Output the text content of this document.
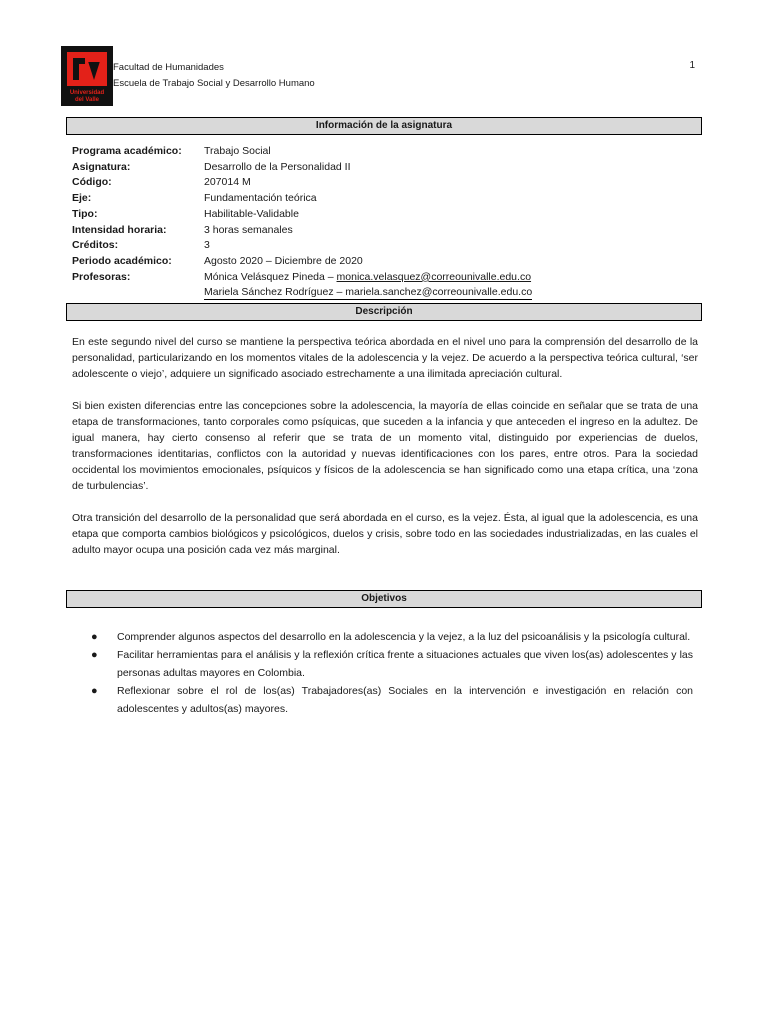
Universidad del Valle
Facultad de Humanidades
Escuela de Trabajo Social y Desarrollo Humano
1
Información de la asignatura
Programa académico:	Trabajo Social
Asignatura:	Desarrollo de la Personalidad II
Código:	207014 M
Eje:	Fundamentación teórica
Tipo:	Habilitable-Validable
Intensidad horaria:	3 horas semanales
Créditos:	3
Periodo académico:	Agosto 2020 – Diciembre de 2020
Profesoras:	Mónica Velásquez Pineda – monica.velasquez@correounivalle.edu.co
Mariela Sánchez Rodríguez – mariela.sanchez@correounivalle.edu.co
Descripción

En este segundo nivel del curso se mantiene la perspectiva teórica abordada en el nivel uno para la comprensión del desarrollo de la personalidad, particularizando en los momentos vitales de la adolescencia y la vejez. De acuerdo a la perspectiva teórica cultural, ‘ser adolescente o viejo’, adquiere un significado asociado estrechamente a una ilimitada apreciación cultural.

Si bien existen diferencias entre las concepciones sobre la adolescencia, la mayoría de ellas coincide en señalar que se trata de una etapa de transformaciones, tanto corporales como psíquicas, que suceden a la infancia y que anteceden el ingreso en la adultez. De igual manera, hay cierto consenso al referir que se trata de un momento vital, distinguido por experiencias de duelos, transformaciones identitarias, conflictos con la autoridad y nuevas identificaciones con los pares, entre otros. Para la sociedad occidental los movimientos emocionales, psíquicos y físicos de la adolescencia se han significado como una etapa crítica, una ‘zona de turbulencias’.

Otra transición del desarrollo de la personalidad que será abordada en el curso, es la vejez. Ésta, al igual que la adolescencia, es una etapa que comporta cambios biológicos y psicológicos, duelos y crisis, sobre todo en las sociedades industrializadas, en las cuales el adulto mayor ocupa una posición cada vez más marginal.

Objetivos
● Comprender algunos aspectos del desarrollo en la adolescencia y la vejez, a la luz del psicoanálisis y la psicología cultural.
● Facilitar herramientas para el análisis y la reflexión crítica frente a situaciones actuales que viven los(as) adolescentes y las personas adultas mayores en Colombia.
● Reflexionar sobre el rol de los(as) Trabajadores(as) Sociales en la intervención e investigación en relación con adolescentes y adultos(as) mayores.
